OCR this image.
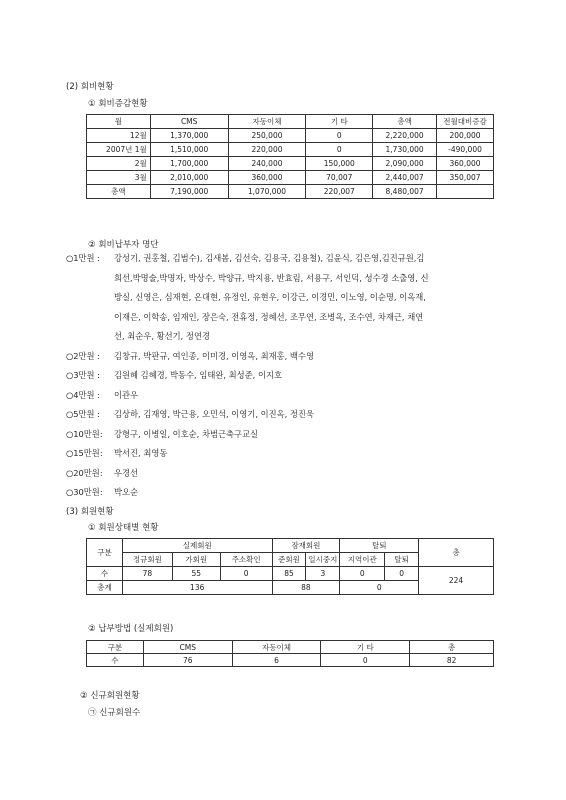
(2) 회비현황
① 회비증감현황
월	CMS	자동이체	기 타	총액	전월대비증감
12월	1,370,000	250,000	0	2,220,000	200,000
2007년 1월	1,510,000	220,000	0	1,730,000	-490,000
2월	1,700,000	240,000	150,000	2,090,000	360,000
3월	2,010,000	360,000	70,007	2,440,007	350,007
총액	7,190,000	1,070,000	220,007	8,480,007	
② 회비납부자 명단
○1만원 : 강성기, 권홍철, 김범수), 김새봄, 김선숙, 김용국, 김용철), 김윤식, 김은영,김진규원,김
희선,박명술,박명자, 박상수, 박양규, 박지용, 반효림, 서용구, 서인덕, 성수경 소출영, 신
방실, 신영은, 심재현, 온대현, 유정인, 유현우, 이강근, 이경민, 이노영, 이순명, 이옥재,
이재은, 이학송, 임재인, 장은숙, 전휴정, 정혜선, 조무연, 조병옥, 조수연, 차재근, 채연
선, 최순우, 황선기, 정연경
○2만원 : 김창규, 박판규, 여인종, 이미경, 이영옥, 최재홍, 백수영
○3만원 : 김원혜 김혜경, 박동수, 임태완, 최성준, 이지호
○4만원 : 이관우
○5만원 : 김상하, 김재영, 박근용, 오민석, 이영기, 이진옥, 정진욱
○10만원: 강형구, 이병일, 이호순, 차범근축구교실
○15만원: 박서진, 최영동
○20만원: 우경선
○30만원: 박오순
(3) 회원현황
① 회원상태별 현황
구분	실제회원			잠재회원		탈퇴		총
	정규회원	가회원	주소확인	준회원	일시중지	지역이관	탈퇴	
수	78	55	0	85	3	0	0	224
총계	136			88		0		
② 납부방법 (실제회원)
구분	CMS	자동이체	기 타	총
수	76	6	0	82
② 신규회원현황
㉠ 신규회원수
